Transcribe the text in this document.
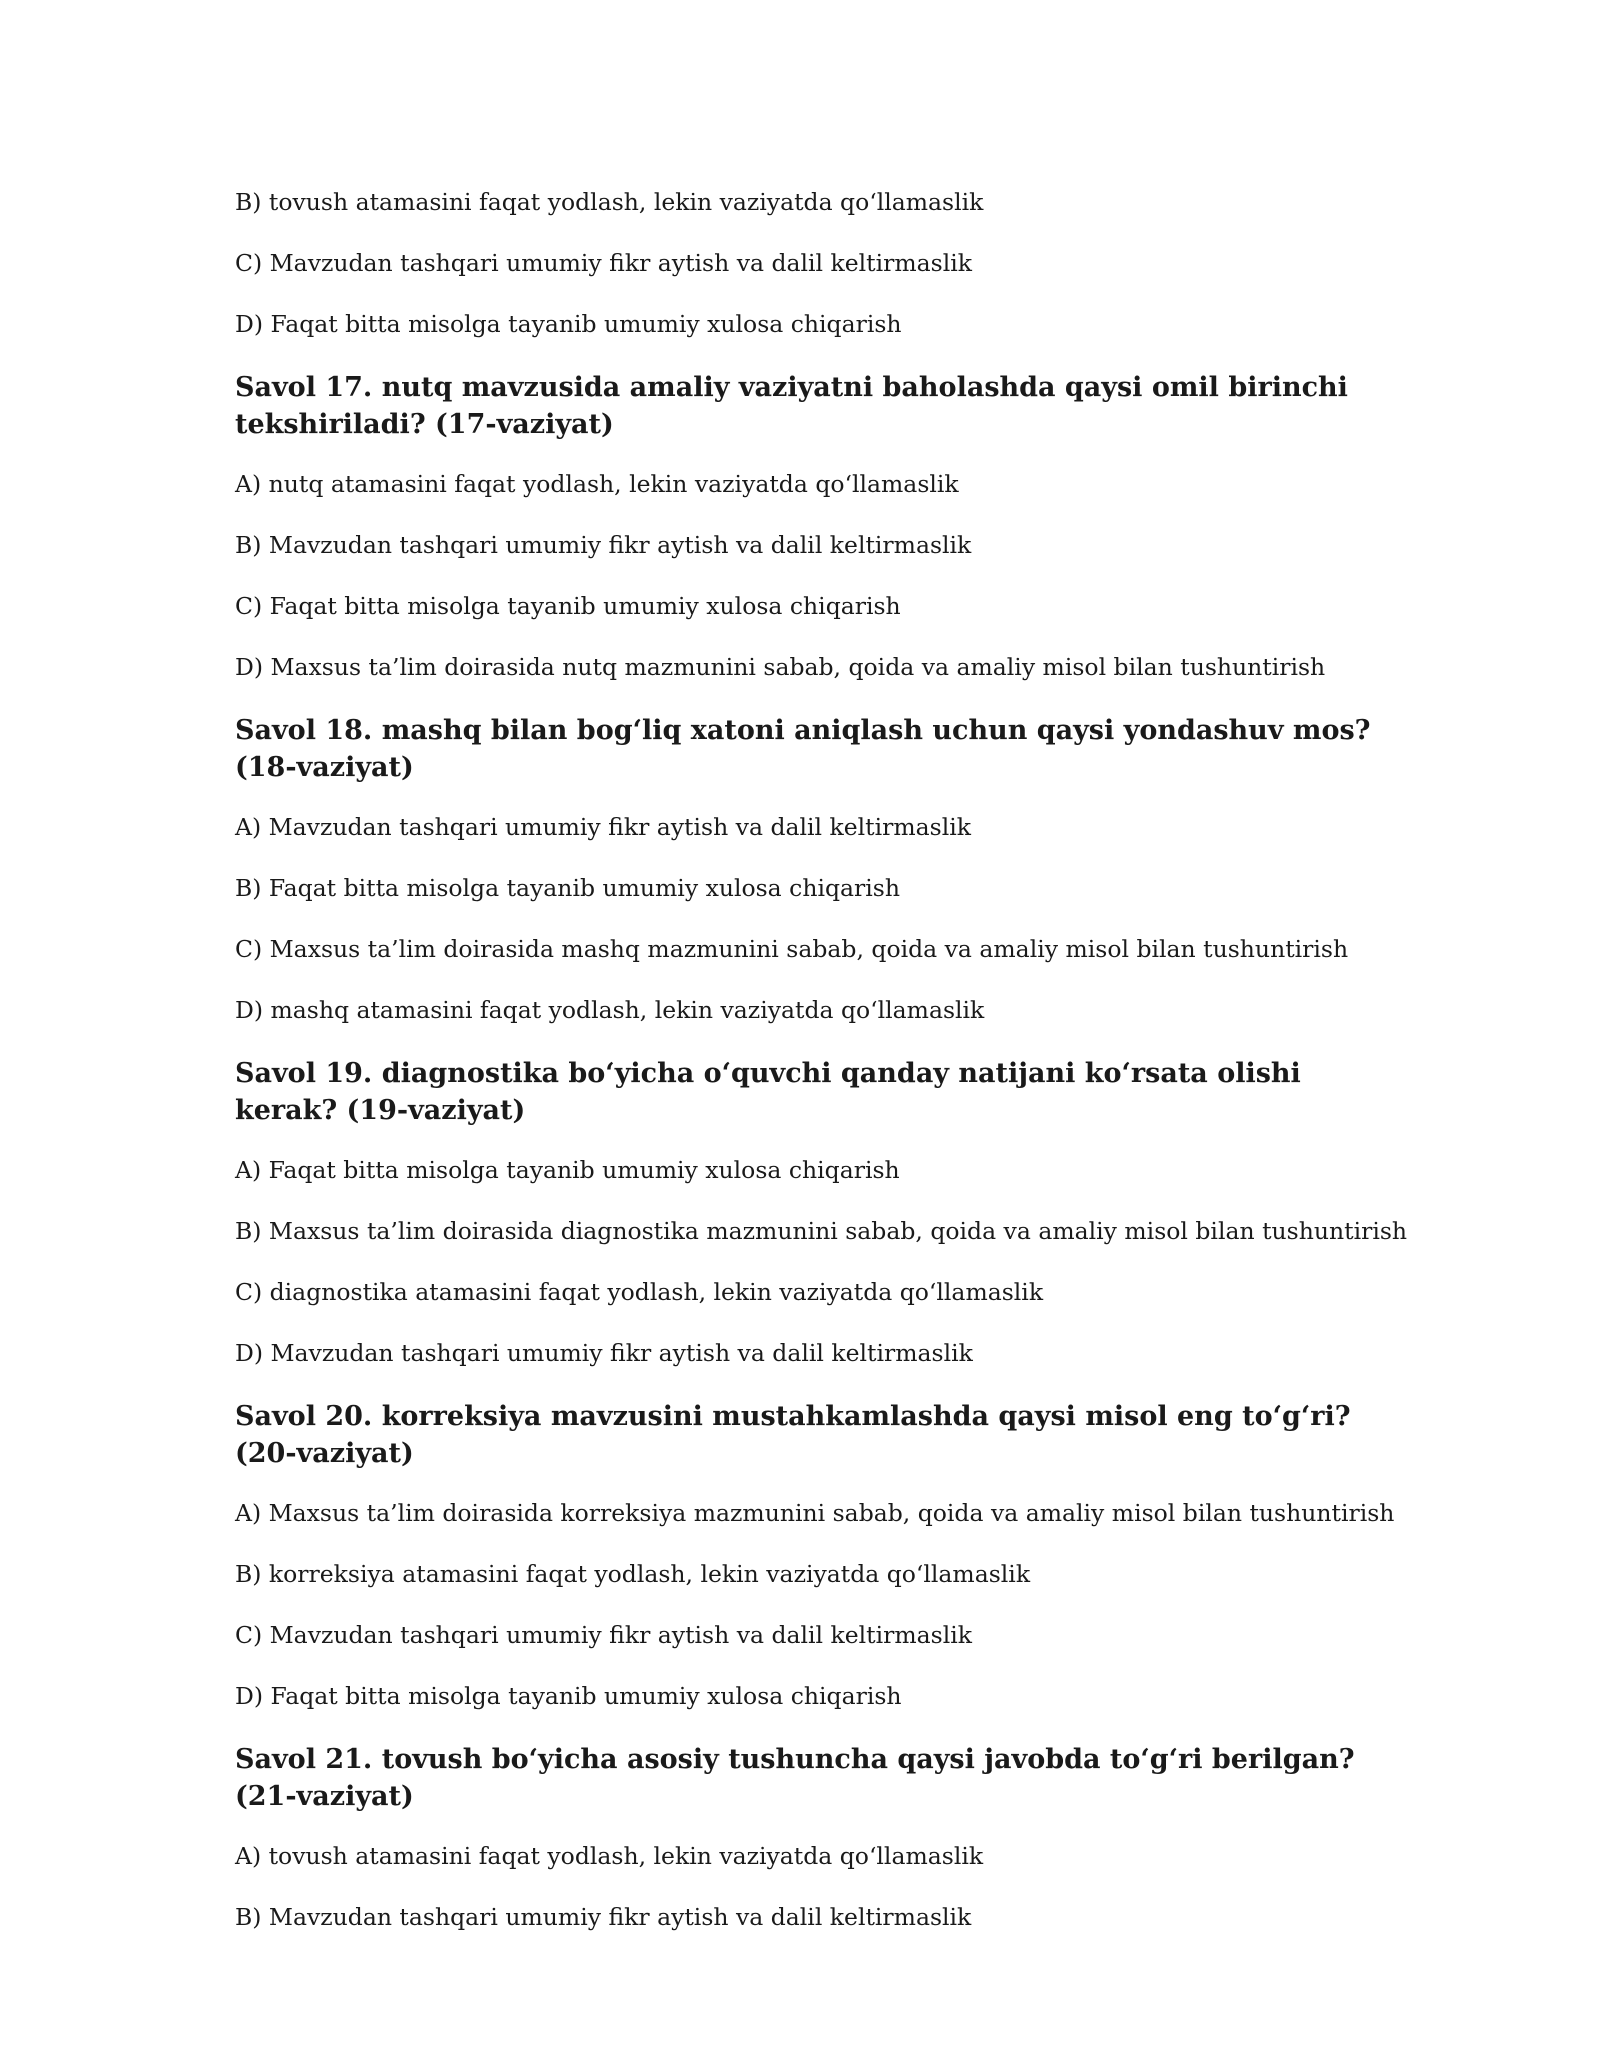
B) tovush atamasini faqat yodlash, lekin vaziyatda qo‘llamaslik

C) Mavzudan tashqari umumiy fikr aytish va dalil keltirmaslik

D) Faqat bitta misolga tayanib umumiy xulosa chiqarish

Savol 17. nutq mavzusida amaliy vaziyatni baholashda qaysi omil birinchi tekshiriladi? (17-vaziyat)

A) nutq atamasini faqat yodlash, lekin vaziyatda qo‘llamaslik

B) Mavzudan tashqari umumiy fikr aytish va dalil keltirmaslik

C) Faqat bitta misolga tayanib umumiy xulosa chiqarish

D) Maxsus ta’lim doirasida nutq mazmunini sabab, qoida va amaliy misol bilan tushuntirish

Savol 18. mashq bilan bog‘liq xatoni aniqlash uchun qaysi yondashuv mos? (18-vaziyat)

A) Mavzudan tashqari umumiy fikr aytish va dalil keltirmaslik

B) Faqat bitta misolga tayanib umumiy xulosa chiqarish

C) Maxsus ta’lim doirasida mashq mazmunini sabab, qoida va amaliy misol bilan tushuntirish

D) mashq atamasini faqat yodlash, lekin vaziyatda qo‘llamaslik

Savol 19. diagnostika bo‘yicha o‘quvchi qanday natijani ko‘rsata olishi kerak? (19-vaziyat)

A) Faqat bitta misolga tayanib umumiy xulosa chiqarish

B) Maxsus ta’lim doirasida diagnostika mazmunini sabab, qoida va amaliy misol bilan tushuntirish

C) diagnostika atamasini faqat yodlash, lekin vaziyatda qo‘llamaslik

D) Mavzudan tashqari umumiy fikr aytish va dalil keltirmaslik

Savol 20. korreksiya mavzusini mustahkamlashda qaysi misol eng to‘g‘ri? (20-vaziyat)

A) Maxsus ta’lim doirasida korreksiya mazmunini sabab, qoida va amaliy misol bilan tushuntirish

B) korreksiya atamasini faqat yodlash, lekin vaziyatda qo‘llamaslik

C) Mavzudan tashqari umumiy fikr aytish va dalil keltirmaslik

D) Faqat bitta misolga tayanib umumiy xulosa chiqarish

Savol 21. tovush bo‘yicha asosiy tushuncha qaysi javobda to‘g‘ri berilgan? (21-vaziyat)

A) tovush atamasini faqat yodlash, lekin vaziyatda qo‘llamaslik

B) Mavzudan tashqari umumiy fikr aytish va dalil keltirmaslik
